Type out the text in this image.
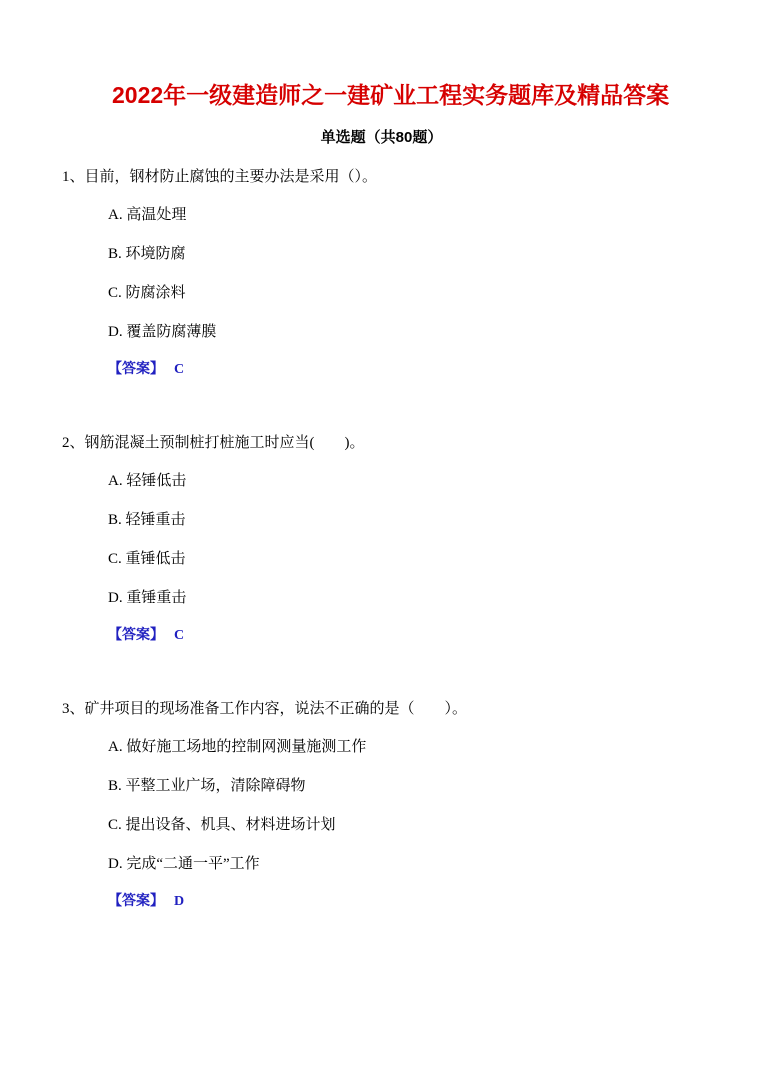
2022年一级建造师之一建矿业工程实务题库及精品答案
单选题（共80题）

1、目前，钢材防止腐蚀的主要办法是采用（）。

A. 高温处理

B. 环境防腐

C. 防腐涂料

D. 覆盖防腐薄膜

【答案】 C

2、钢筋混凝土预制桩打桩施工时应当(　　)。

A. 轻锤低击

B. 轻锤重击

C. 重锤低击

D. 重锤重击

【答案】 C

3、矿井项目的现场准备工作内容，说法不正确的是（　　）。

A. 做好施工场地的控制网测量施测工作

B. 平整工业广场，清除障碍物

C. 提出设备、机具、材料进场计划

D. 完成“二通一平”工作

【答案】 D
